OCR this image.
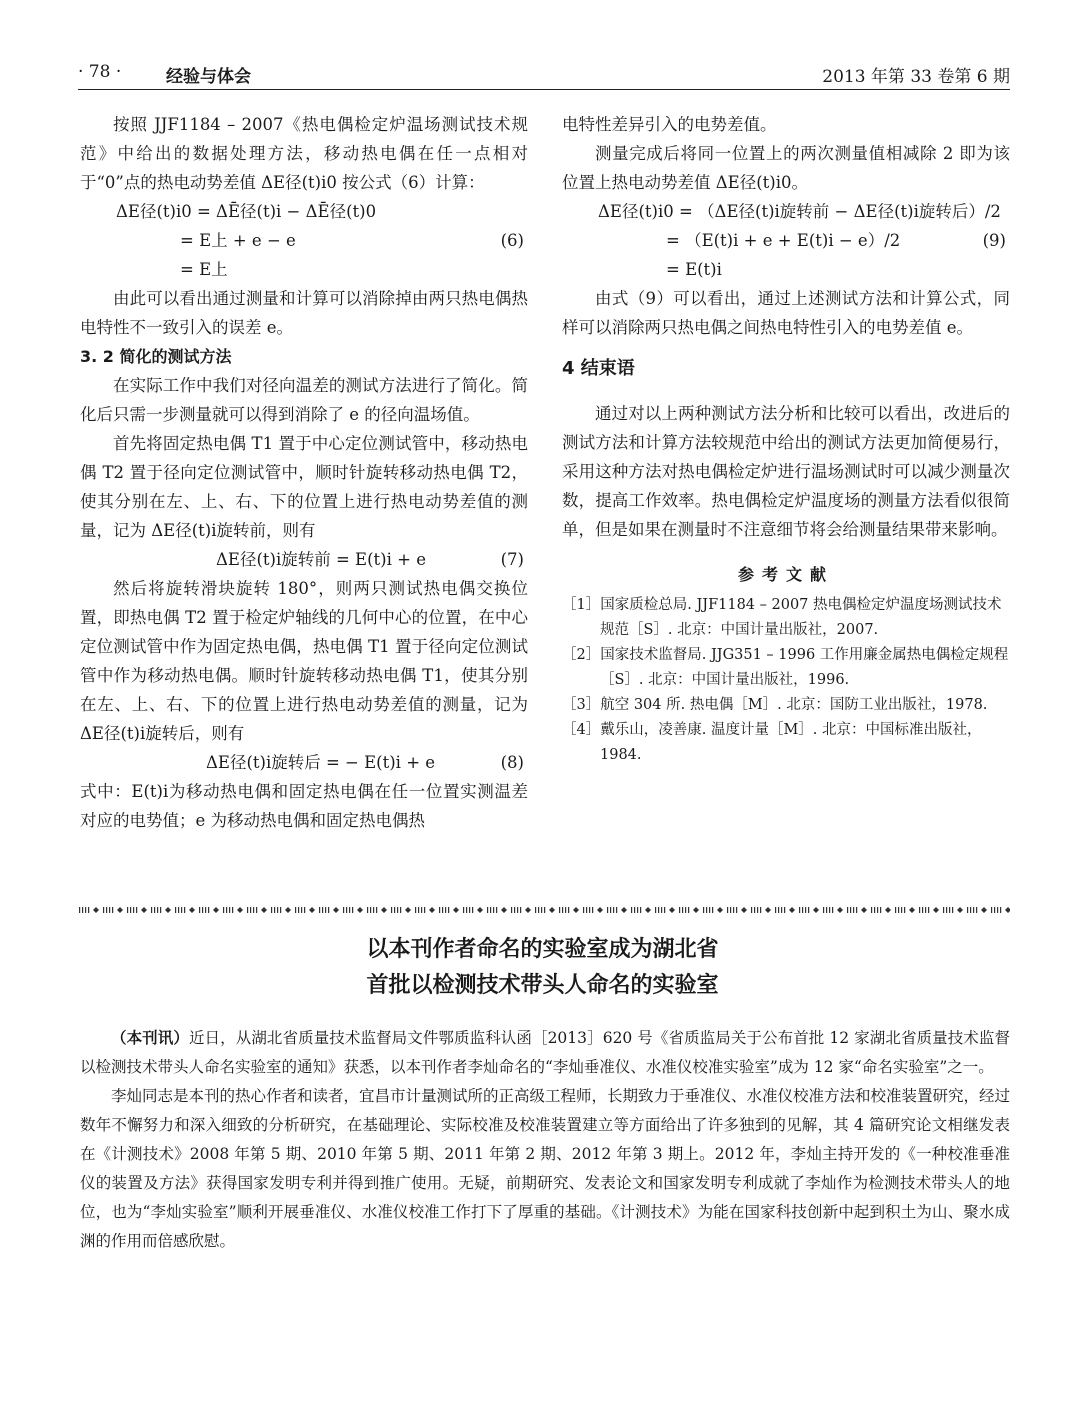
· 78 ·	经验与体会	2013 年第 33 卷第 6 期

按照 JJF1184 – 2007《热电偶检定炉温场测试技术规范》中给出的数据处理方法，移动热电偶在任一点相对于“0”点的热电动势差值 ΔE径(t)i0 按公式（6）计算：

ΔE径(t)i0 = ΔĒ径(t)i − ΔĒ径(t)0
= E上 + e − e	(6)
= E上

由此可以看出通过测量和计算可以消除掉由两只热电偶热电特性不一致引入的误差 e。

3. 2 简化的测试方法

在实际工作中我们对径向温差的测试方法进行了简化。简化后只需一步测量就可以得到消除了 e 的径向温场值。

首先将固定热电偶 T1 置于中心定位测试管中，移动热电偶 T2 置于径向定位测试管中，顺时针旋转移动热电偶 T2，使其分别在左、上、右、下的位置上进行热电动势差值的测量，记为 ΔE径(t)i旋转前，则有

ΔE径(t)i旋转前 = E(t)i + e	(7)

然后将旋转滑块旋转 180°，则两只测试热电偶交换位置，即热电偶 T2 置于检定炉轴线的几何中心的位置，在中心定位测试管中作为固定热电偶，热电偶 T1 置于径向定位测试管中作为移动热电偶。顺时针旋转移动热电偶 T1，使其分别在左、上、右、下的位置上进行热电动势差值的测量，记为 ΔE径(t)i旋转后，则有

ΔE径(t)i旋转后 = − E(t)i + e	(8)

式中：E(t)i为移动热电偶和固定热电偶在任一位置实测温差对应的电势值；e 为移动热电偶和固定热电偶热

电特性差异引入的电势差值。

测量完成后将同一位置上的两次测量值相减除 2 即为该位置上热电动势差值 ΔE径(t)i0。

ΔE径(t)i0 = （ΔE径(t)i旋转前 − ΔE径(t)i旋转后）/2
= （E(t)i + e + E(t)i − e）/2	(9)
= E(t)i

由式（9）可以看出，通过上述测试方法和计算公式，同样可以消除两只热电偶之间热电特性引入的电势差值 e。

4 结束语

通过对以上两种测试方法分析和比较可以看出，改进后的测试方法和计算方法较规范中给出的测试方法更加简便易行，采用这种方法对热电偶检定炉进行温场测试时可以减少测量次数，提高工作效率。热电偶检定炉温度场的测量方法看似很简单，但是如果在测量时不注意细节将会给测量结果带来影响。

参考文献

［1］国家质检总局. JJF1184 – 2007 热电偶检定炉温度场测试技术规范［S］. 北京：中国计量出版社，2007.

［2］国家技术监督局. JJG351 – 1996 工作用廉金属热电偶检定规程［S］. 北京：中国计量出版社，1996.

［3］航空 304 所. 热电偶［M］. 北京：国防工业出版社，1978.

［4］戴乐山，凌善康. 温度计量［M］. 北京：中国标准出版社，1984.

以本刊作者命名的实验室成为湖北省
首批以检测技术带头人命名的实验室

（本刊讯）近日，从湖北省质量技术监督局文件鄂质监科认函［2013］620 号《省质监局关于公布首批 12 家湖北省质量技术监督以检测技术带头人命名实验室的通知》获悉，以本刊作者李灿命名的“李灿垂准仪、水准仪校准实验室”成为 12 家“命名实验室”之一。

李灿同志是本刊的热心作者和读者，宜昌市计量测试所的正高级工程师，长期致力于垂准仪、水准仪校准方法和校准装置研究，经过数年不懈努力和深入细致的分析研究，在基础理论、实际校准及校准装置建立等方面给出了许多独到的见解，其 4 篇研究论文相继发表在《计测技术》2008 年第 5 期、2010 年第 5 期、2011 年第 2 期、2012 年第 3 期上。2012 年，李灿主持开发的《一种校准垂准仪的装置及方法》获得国家发明专利并得到推广使用。无疑，前期研究、发表论文和国家发明专利成就了李灿作为检测技术带头人的地位，也为“李灿实验室”顺利开展垂准仪、水准仪校准工作打下了厚重的基础。《计测技术》为能在国家科技创新中起到积土为山、聚水成渊的作用而倍感欣慰。
